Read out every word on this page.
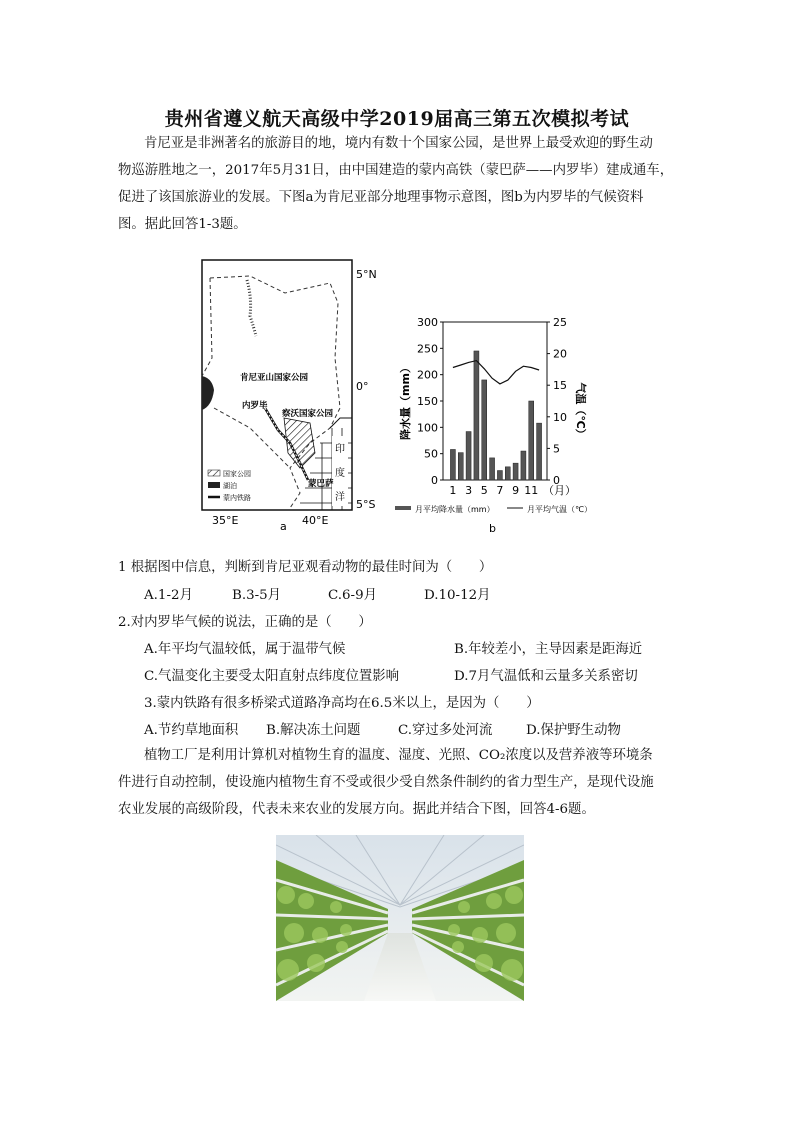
贵州省遵义航天高级中学2019届高三第五次模拟考试
肯尼亚是非洲著名的旅游目的地，境内有数十个国家公园，是世界上最受欢迎的野生动
物巡游胜地之一，2017年5月31日，由中国建造的蒙内高铁（蒙巴萨——内罗毕）建成通车，
促进了该国旅游业的发展。下图a为肯尼亚部分地理事物示意图，图b为内罗毕的气候资料
图。据此回答1-3题。
印
度
洋
5°N
0°
5°S
肯尼亚山国家公园
内罗毕
察沃国家公园
蒙巴萨
国家公园
湖泊
蒙内铁路
35°E	a 40°E
0
50
100
150
200
250
300
0
5
10
15
20
25
降水量（mm）	气温（℃）
1 3 5 7 9 11 （月）
月平均降水量（mm）	月平均气温（℃）
b
1 根据图中信息，判断到肯尼亚观看动物的最佳时间为（　　）
A.1-2月	B.3-5月	C.6-9月	D.10-12月
2.对内罗毕气候的说法，正确的是（　　）
A.年平均气温较低，属于温带气候	B.年较差小，主导因素是距海近
C.气温变化主要受太阳直射点纬度位置影响	D.7月气温低和云量多关系密切
3.蒙内铁路有很多桥梁式道路净高均在6.5米以上，是因为（　　）
A.节约草地面积 B.解决冻土问题	C.穿过多处河流	D.保护野生动物
植物工厂是利用计算机对植物生育的温度、湿度、光照、CO₂浓度以及营养液等环境条
件进行自动控制，使设施内植物生育不受或很少受自然条件制约的省力型生产，是现代设施
农业发展的高级阶段，代表未来农业的发展方向。据此并结合下图，回答4-6题。
